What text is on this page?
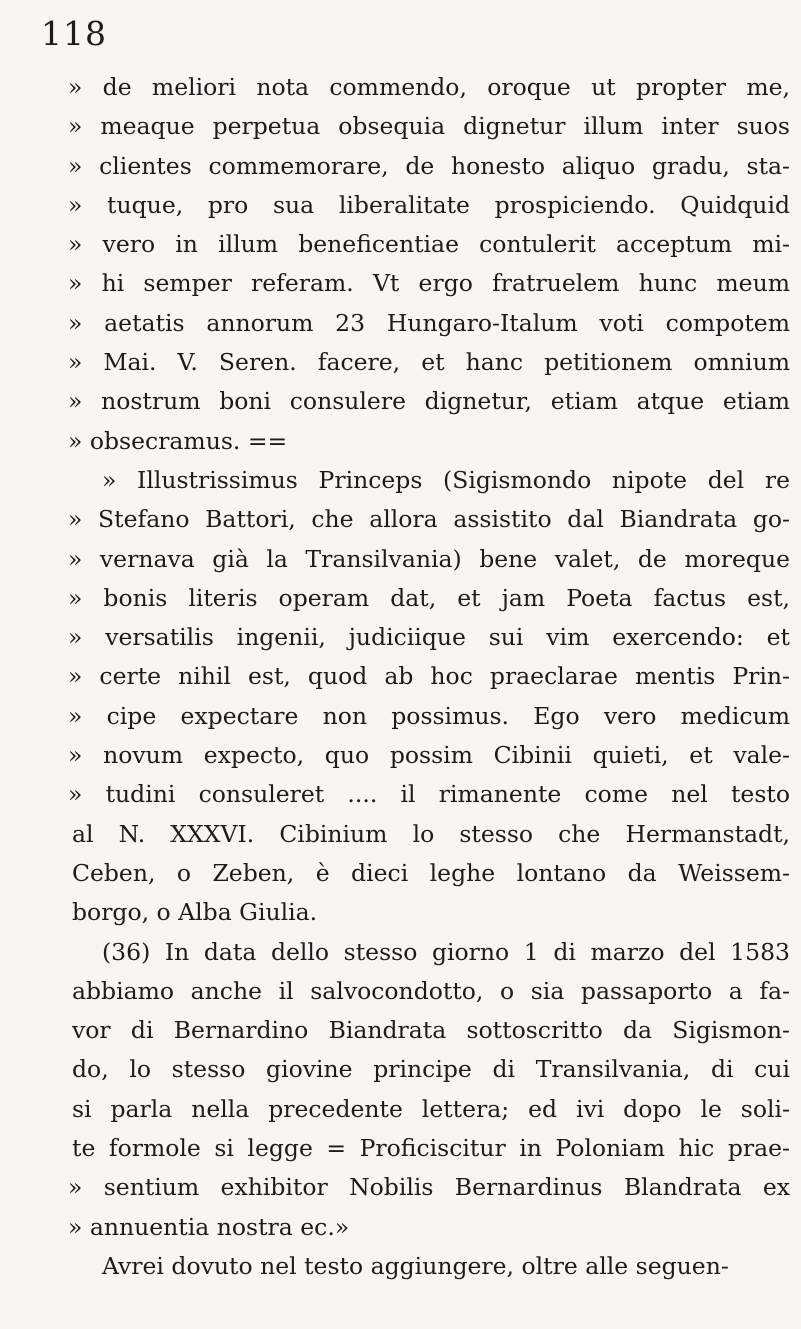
118
» de meliori nota commendo, oroque ut propter me,
» meaque perpetua obsequia dignetur illum inter suos
» clientes commemorare, de honesto aliquo gradu, sta-
» tuque, pro sua liberalitate prospiciendo. Quidquid
» vero in illum beneficentiae contulerit acceptum mi-
» hi semper referam. Vt ergo fratruelem hunc meum
» aetatis annorum 23 Hungaro-Italum voti compotem
» Mai. V. Seren. facere, et hanc petitionem omnium
» nostrum boni consulere dignetur, etiam atque etiam
» obsecramus. ==
» Illustrissimus Princeps (Sigismondo nipote del re
» Stefano Battori, che allora assistito dal Biandrata go-
» vernava già la Transilvania) bene valet, de moreque
» bonis literis operam dat, et jam Poeta factus est,
» versatilis ingenii, judiciique sui vim exercendo: et
» certe nihil est, quod ab hoc praeclarae mentis Prin-
» cipe expectare non possimus. Ego vero medicum
» novum expecto, quo possim Cibinii quieti, et vale-
» tudini consuleret .... il rimanente come nel testo
al N. XXXVI. Cibinium lo stesso che Hermanstadt,
Ceben, o Zeben, è dieci leghe lontano da Weissem-
borgo, o Alba Giulia.
(36) In data dello stesso giorno 1 di marzo del 1583
abbiamo anche il salvocondotto, o sia passaporto a fa-
vor di Bernardino Biandrata sottoscritto da Sigismon-
do, lo stesso giovine principe di Transilvania, di cui
si parla nella precedente lettera; ed ivi dopo le soli-
te formole si legge = Proficiscitur in Poloniam hic prae-
» sentium exhibitor Nobilis Bernardinus Blandrata ex
» annuentia nostra ec.»
Avrei dovuto nel testo aggiungere, oltre alle seguen-
